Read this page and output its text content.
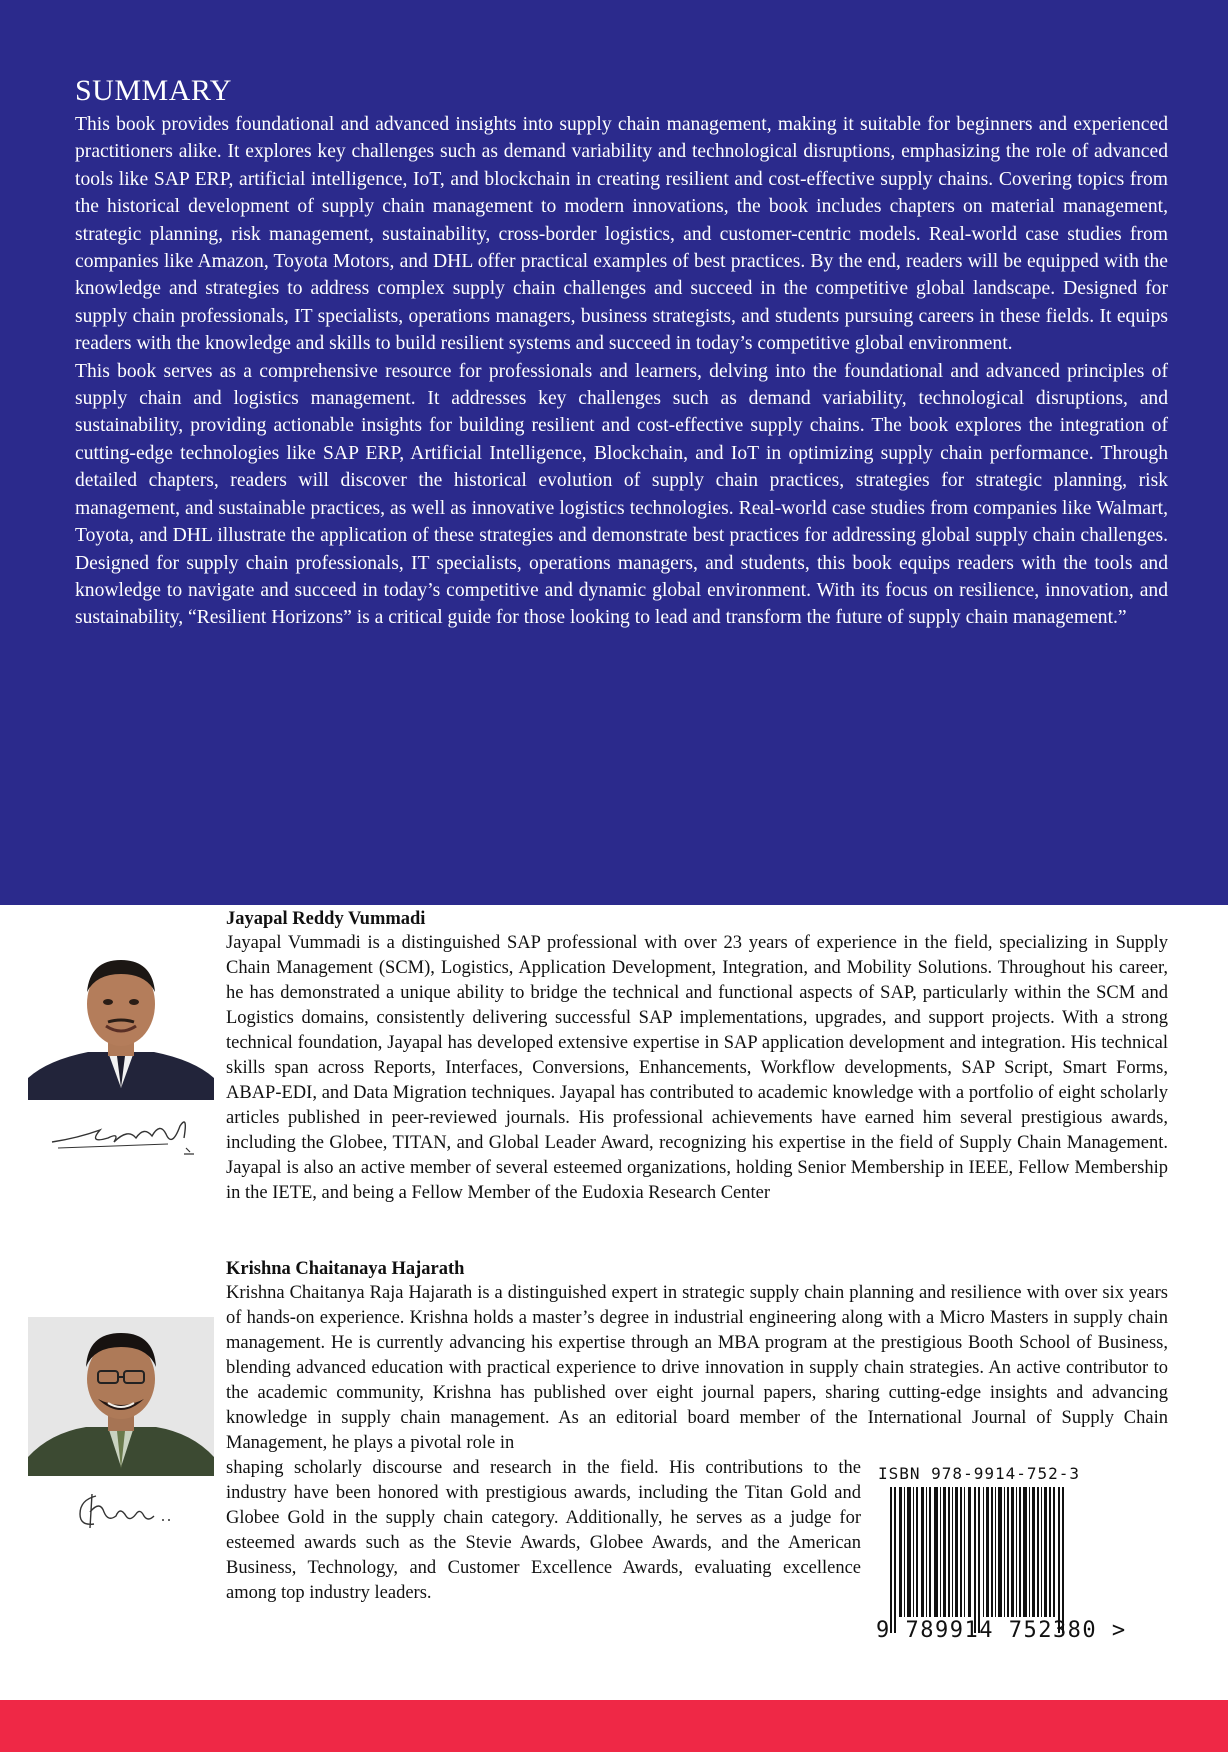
SUMMARY

This book provides foundational and advanced insights into supply chain management, making it suitable for beginners and experienced practitioners alike. It explores key challenges such as demand variability and technological disruptions, emphasizing the role of advanced tools like SAP ERP, artificial intelligence, IoT, and blockchain in creating resilient and cost-effective supply chains. Covering topics from the historical development of supply chain management to modern innovations, the book includes chapters on material management, strategic planning, risk management, sustainability, cross-border logistics, and customer-centric models. Real-world case studies from companies like Amazon, Toyota Motors, and DHL offer practical examples of best practices. By the end, readers will be equipped with the knowledge and strategies to address complex supply chain challenges and succeed in the competitive global landscape. Designed for supply chain professionals, IT specialists, operations managers, business strategists, and students pursuing careers in these fields. It equips readers with the knowledge and skills to build resilient systems and succeed in today’s competitive global environment.

This book serves as a comprehensive resource for professionals and learners, delving into the foundational and advanced principles of supply chain and logistics management. It addresses key challenges such as demand variability, technological disruptions, and sustainability, providing actionable insights for building resilient and cost-effective supply chains. The book explores the integration of cutting-edge technologies like SAP ERP, Artificial Intelligence, Blockchain, and IoT in optimizing supply chain performance. Through detailed chapters, readers will discover the historical evolution of supply chain practices, strategies for strategic planning, risk management, and sustainable practices, as well as innovative logistics technologies. Real-world case studies from companies like Walmart, Toyota, and DHL illustrate the application of these strategies and demonstrate best practices for addressing global supply chain challenges. Designed for supply chain professionals, IT specialists, operations managers, and students, this book equips readers with the tools and knowledge to navigate and succeed in today’s competitive and dynamic global environment. With its focus on resilience, innovation, and sustainability, “Resilient Horizons” is a critical guide for those looking to lead and transform the future of supply chain management.”

Jayapal Reddy Vummadi

Jayapal Vummadi is a distinguished SAP professional with over 23 years of experience in the field, specializing in Supply Chain Management (SCM), Logistics, Application Development, Integration, and Mobility Solutions. Throughout his career, he has demonstrated a unique ability to bridge the technical and functional aspects of SAP, particularly within the SCM and Logistics domains, consistently delivering successful SAP implementations, upgrades, and support projects. With a strong technical foundation, Jayapal has developed extensive expertise in SAP application development and integration. His technical skills span across Reports, Interfaces, Conversions, Enhancements, Workflow developments, SAP Script, Smart Forms, ABAP-EDI, and Data Migration techniques. Jayapal has contributed to academic knowledge with a portfolio of eight scholarly articles published in peer-reviewed journals. His professional achievements have earned him several prestigious awards, including the Globee, TITAN, and Global Leader Award, recognizing his expertise in the field of Supply Chain Management. Jayapal is also an active member of several esteemed organizations, holding Senior Membership in IEEE, Fellow Membership in the IETE, and being a Fellow Member of the Eudoxia Research Center

Krishna Chaitanaya Hajarath

Krishna Chaitanya Raja Hajarath is a distinguished expert in strategic supply chain planning and resilience with over six years of hands-on experience. Krishna holds a master’s degree in industrial engineering along with a Micro Masters in supply chain management. He is currently advancing his expertise through an MBA program at the prestigious Booth School of Business, blending advanced education with practical experience to drive innovation in supply chain strategies. An active contributor to the academic community, Krishna has published over eight journal papers, sharing cutting-edge insights and advancing knowledge in supply chain management. As an editorial board member of the International Journal of Supply Chain Management, he plays a pivotal role in

shaping scholarly discourse and research in the field. His contributions to the industry have been honored with prestigious awards, including the Titan Gold and Globee Gold in the supply chain category. Additionally, he serves as a judge for esteemed awards such as the Stevie Awards, Globee Awards, and the American Business, Technology, and Customer Excellence Awards, evaluating excellence among top industry leaders.

ISBN 978-9914-752-3
9 789914 752380 >
